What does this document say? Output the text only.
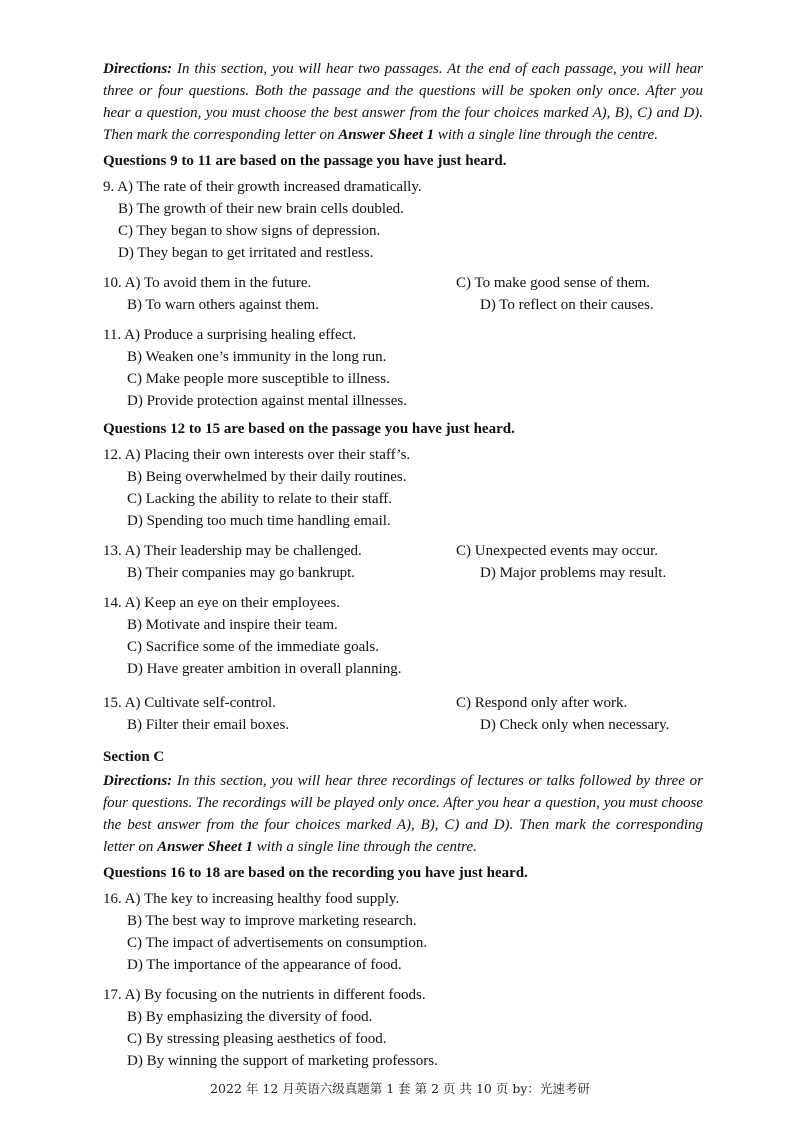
Directions: In this section, you will hear two passages. At the end of each passage, you will hear three or four questions. Both the passage and the questions will be spoken only once. After you hear a question, you must choose the best answer from the four choices marked A), B), C) and D). Then mark the corresponding letter on Answer Sheet 1 with a single line through the centre.

Questions 9 to 11 are based on the passage you have just heard.
9. A) The rate of their growth increased dramatically.
B) The growth of their new brain cells doubled.
C) They began to show signs of depression.
D) They began to get irritated and restless.
10. A) To avoid them in the future.	C) To make good sense of them.
B) To warn others against them.	D) To reflect on their causes.
11. A) Produce a surprising healing effect.
B) Weaken one’s immunity in the long run.
C) Make people more susceptible to illness.
D) Provide protection against mental illnesses.
Questions 12 to 15 are based on the passage you have just heard.
12. A) Placing their own interests over their staff’s.
B) Being overwhelmed by their daily routines.
C) Lacking the ability to relate to their staff.
D) Spending too much time handling email.
13. A) Their leadership may be challenged.	C) Unexpected events may occur.
B) Their companies may go bankrupt.	D) Major problems may result.
14. A) Keep an eye on their employees.
B) Motivate and inspire their team.
C) Sacrifice some of the immediate goals.
D) Have greater ambition in overall planning.
15. A) Cultivate self-control.	C) Respond only after work.
B) Filter their email boxes.	D) Check only when necessary.
Section C

Directions: In this section, you will hear three recordings of lectures or talks followed by three or four questions. The recordings will be played only once. After you hear a question, you must choose the best answer from the four choices marked A), B), C) and D). Then mark the corresponding letter on Answer Sheet 1 with a single line through the centre.

Questions 16 to 18 are based on the recording you have just heard.
16. A) The key to increasing healthy food supply.
B) The best way to improve marketing research.
C) The impact of advertisements on consumption.
D) The importance of the appearance of food.
17. A) By focusing on the nutrients in different foods.
B) By emphasizing the diversity of food.
C) By stressing pleasing aesthetics of food.
D) By winning the support of marketing professors.
2022 年 12 月英语六级真题第 1 套 第 2 页 共 10 页 by：光速考研
